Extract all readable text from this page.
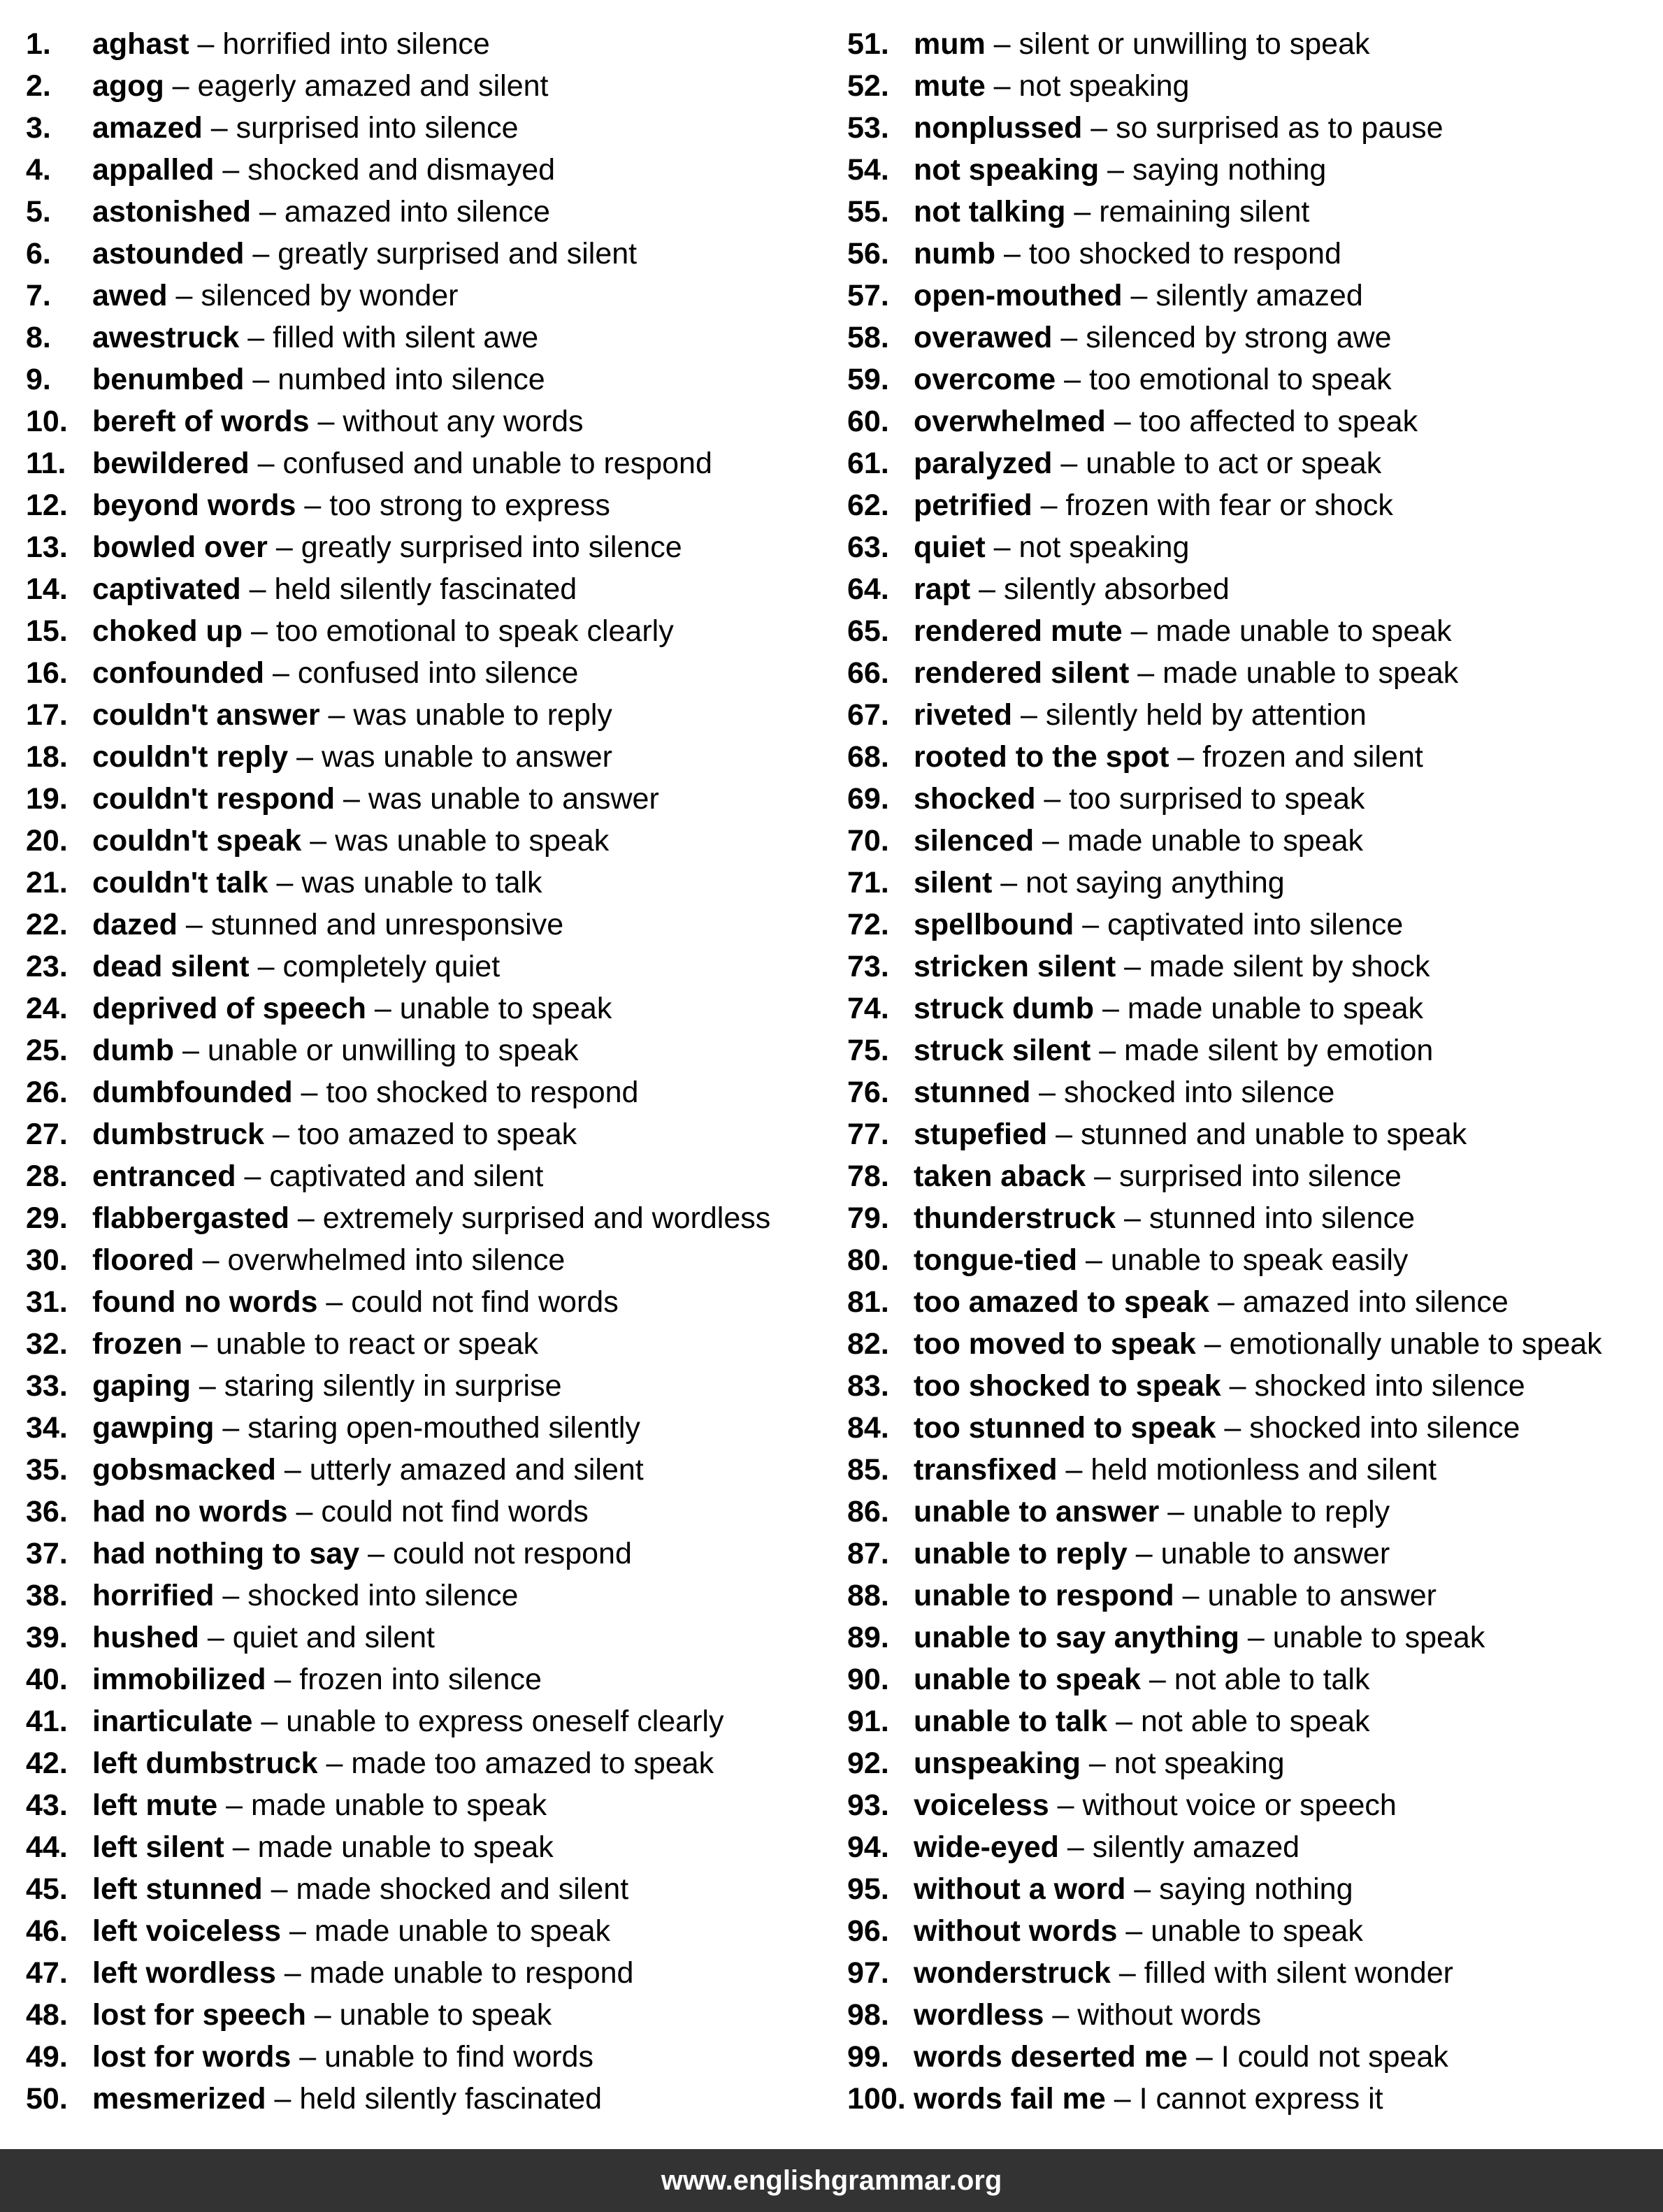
1. aghast – horrified into silence
2. agog – eagerly amazed and silent
3. amazed – surprised into silence
4. appalled – shocked and dismayed
5. astonished – amazed into silence
6. astounded – greatly surprised and silent
7. awed – silenced by wonder
8. awestruck – filled with silent awe
9. benumbed – numbed into silence
10. bereft of words – without any words
11. bewildered – confused and unable to respond
12. beyond words – too strong to express
13. bowled over – greatly surprised into silence
14. captivated – held silently fascinated
15. choked up – too emotional to speak clearly
16. confounded – confused into silence
17. couldn't answer – was unable to reply
18. couldn't reply – was unable to answer
19. couldn't respond – was unable to answer
20. couldn't speak – was unable to speak
21. couldn't talk – was unable to talk
22. dazed – stunned and unresponsive
23. dead silent – completely quiet
24. deprived of speech – unable to speak
25. dumb – unable or unwilling to speak
26. dumbfounded – too shocked to respond
27. dumbstruck – too amazed to speak
28. entranced – captivated and silent
29. flabbergasted – extremely surprised and wordless
30. floored – overwhelmed into silence
31. found no words – could not find words
32. frozen – unable to react or speak
33. gaping – staring silently in surprise
34. gawping – staring open-mouthed silently
35. gobsmacked – utterly amazed and silent
36. had no words – could not find words
37. had nothing to say – could not respond
38. horrified – shocked into silence
39. hushed – quiet and silent
40. immobilized – frozen into silence
41. inarticulate – unable to express oneself clearly
42. left dumbstruck – made too amazed to speak
43. left mute – made unable to speak
44. left silent – made unable to speak
45. left stunned – made shocked and silent
46. left voiceless – made unable to speak
47. left wordless – made unable to respond
48. lost for speech – unable to speak
49. lost for words – unable to find words
50. mesmerized – held silently fascinated
51. mum – silent or unwilling to speak
52. mute – not speaking
53. nonplussed – so surprised as to pause
54. not speaking – saying nothing
55. not talking – remaining silent
56. numb – too shocked to respond
57. open-mouthed – silently amazed
58. overawed – silenced by strong awe
59. overcome – too emotional to speak
60. overwhelmed – too affected to speak
61. paralyzed – unable to act or speak
62. petrified – frozen with fear or shock
63. quiet – not speaking
64. rapt – silently absorbed
65. rendered mute – made unable to speak
66. rendered silent – made unable to speak
67. riveted – silently held by attention
68. rooted to the spot – frozen and silent
69. shocked – too surprised to speak
70. silenced – made unable to speak
71. silent – not saying anything
72. spellbound – captivated into silence
73. stricken silent – made silent by shock
74. struck dumb – made unable to speak
75. struck silent – made silent by emotion
76. stunned – shocked into silence
77. stupefied – stunned and unable to speak
78. taken aback – surprised into silence
79. thunderstruck – stunned into silence
80. tongue-tied – unable to speak easily
81. too amazed to speak – amazed into silence
82. too moved to speak – emotionally unable to speak
83. too shocked to speak – shocked into silence
84. too stunned to speak – shocked into silence
85. transfixed – held motionless and silent
86. unable to answer – unable to reply
87. unable to reply – unable to answer
88. unable to respond – unable to answer
89. unable to say anything – unable to speak
90. unable to speak – not able to talk
91. unable to talk – not able to speak
92. unspeaking – not speaking
93. voiceless – without voice or speech
94. wide-eyed – silently amazed
95. without a word – saying nothing
96. without words – unable to speak
97. wonderstruck – filled with silent wonder
98. wordless – without words
99. words deserted me – I could not speak
100. words fail me – I cannot express it
www.englishgrammar.org
